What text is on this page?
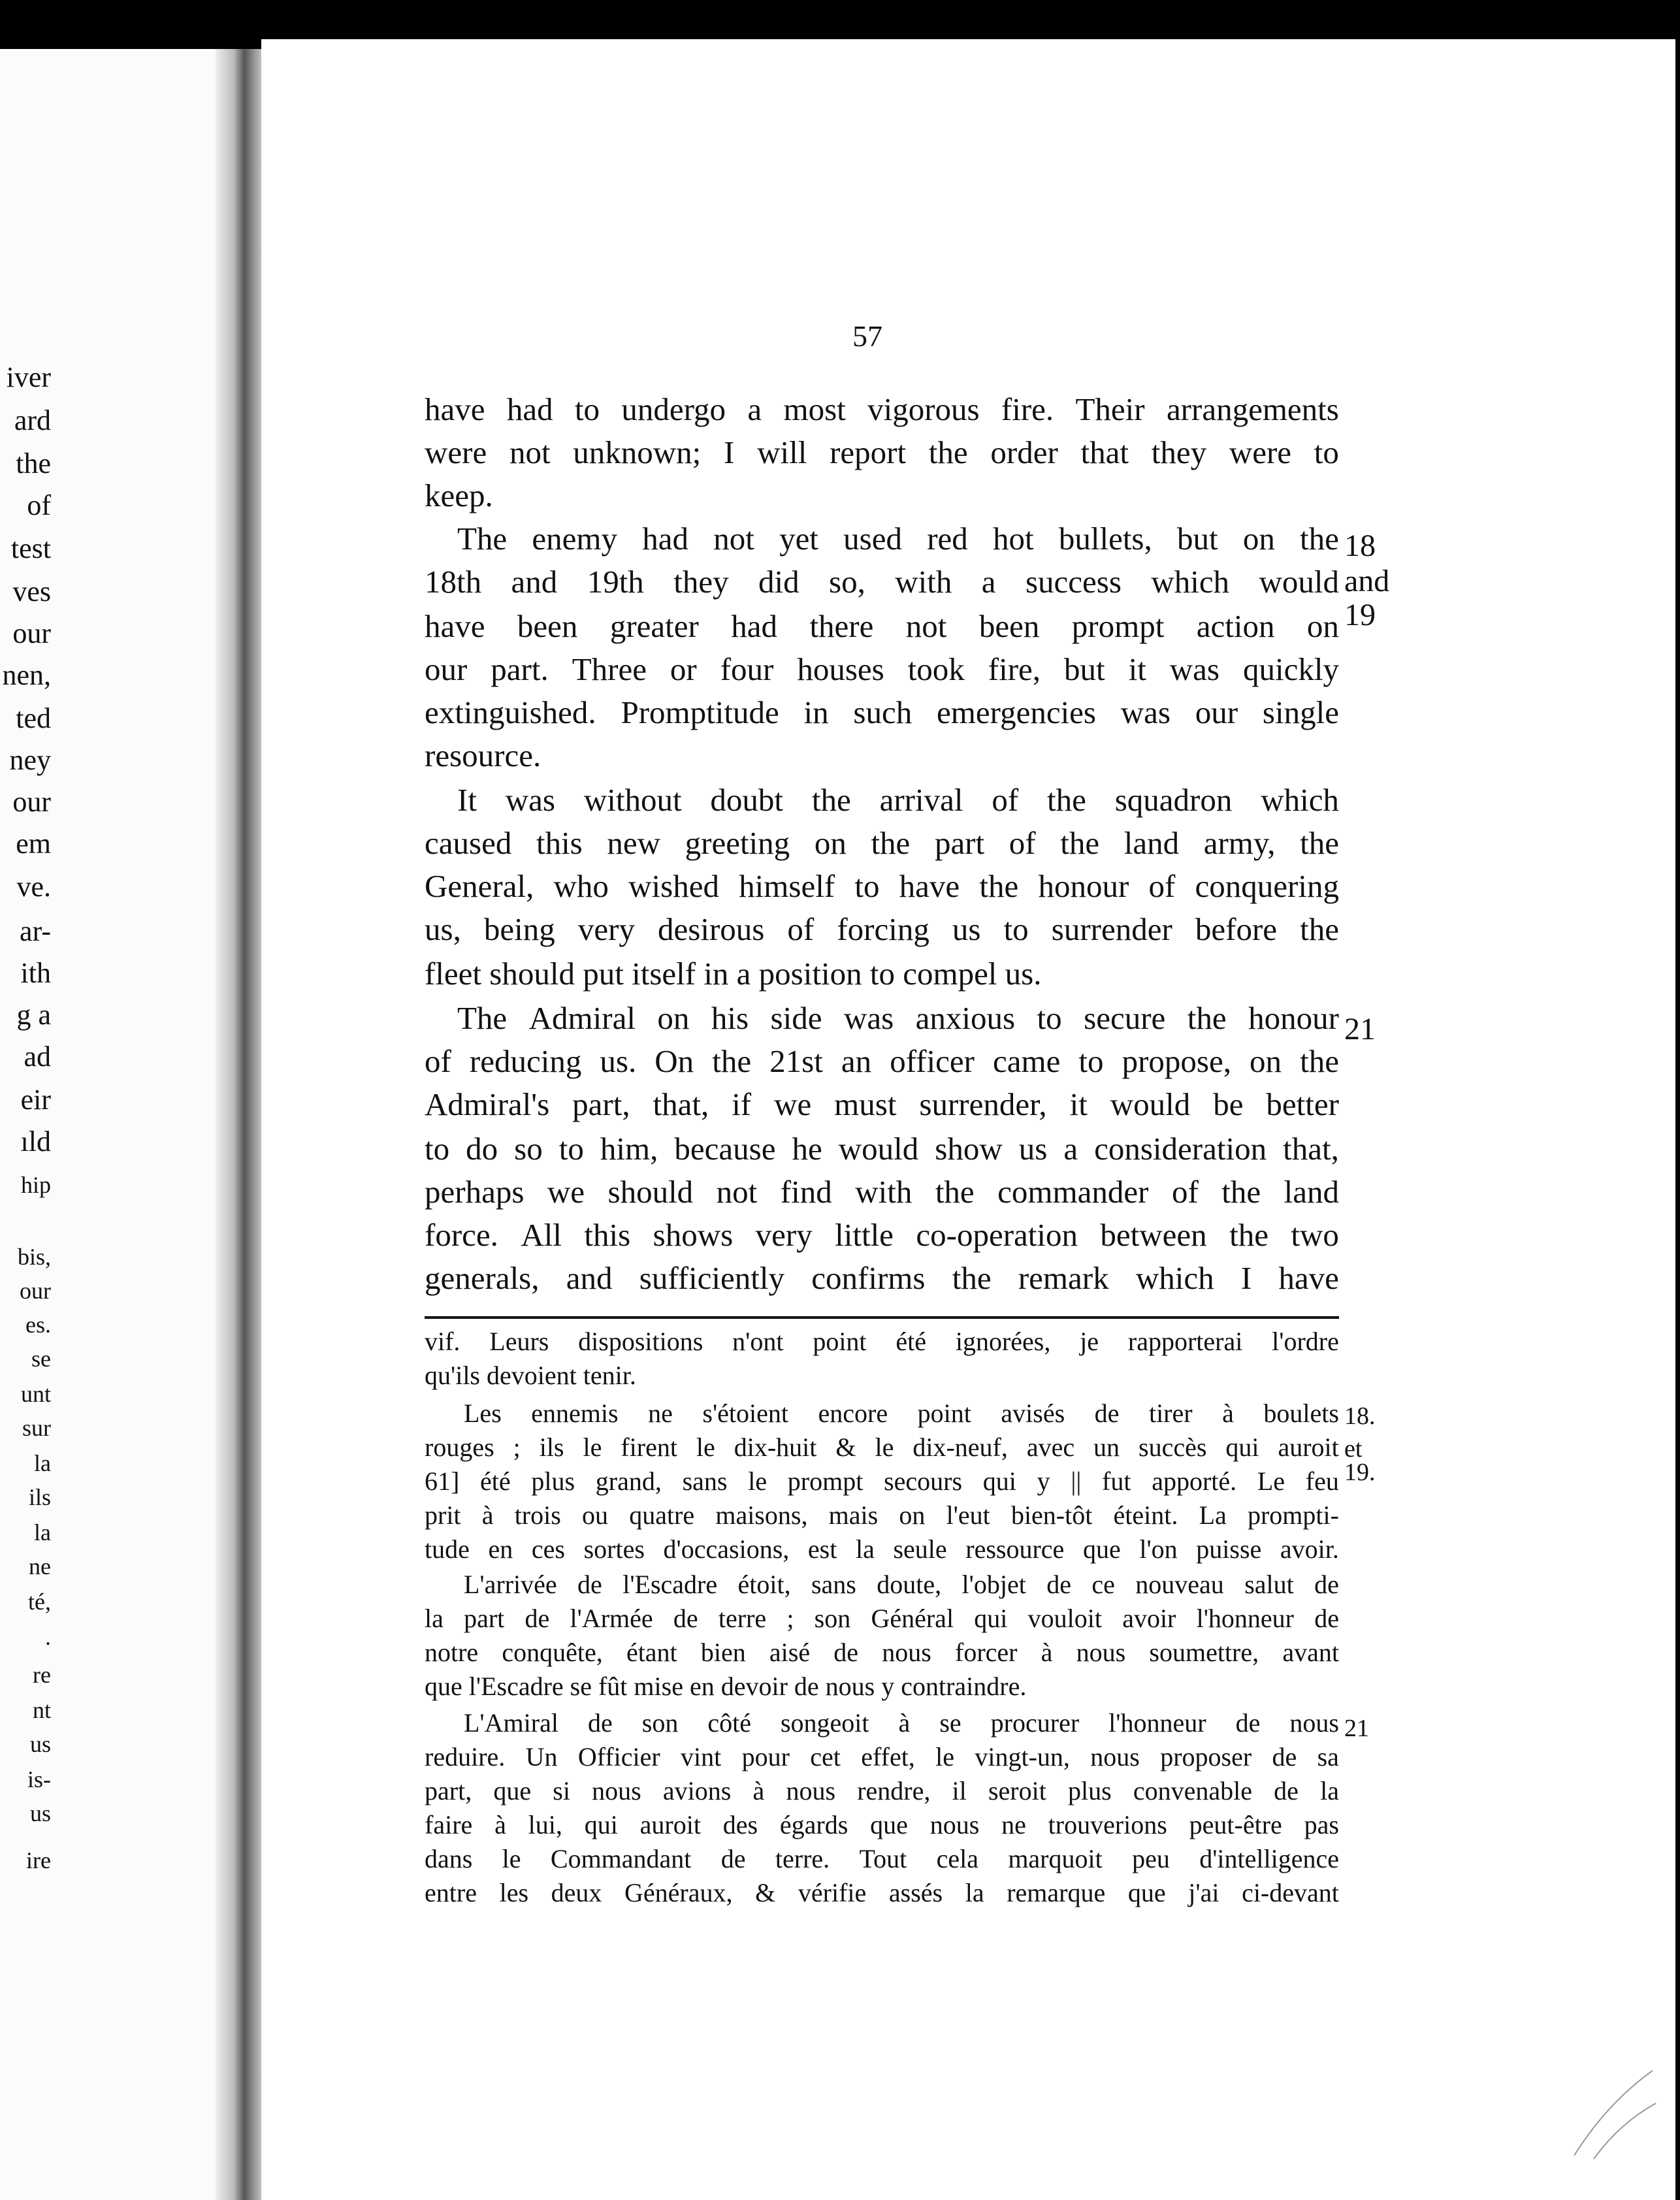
57
iver
ard
the
of
test
ves
our
nen,
ted
ney
our
em
ve.
ar-
ith
g a
ad
eir
ıld
hip
bis,
our
es.
se
unt
sur
la
ils
la
ne
té,
.
re
nt
us
is-
us
ire
have had to undergo a most vigorous fire. Their arrangements
were not unknown; I will report the order that they were to
keep.
The enemy had not yet used red hot bullets, but on the
18th and 19th they did so, with a success which would
have been greater had there not been prompt action on
our part. Three or four houses took fire, but it was quickly
extinguished. Promptitude in such emergencies was our single
resource.
It was without doubt the arrival of the squadron which
caused this new greeting on the part of the land army, the
General, who wished himself to have the honour of conquering
us, being very desirous of forcing us to surrender before the
fleet should put itself in a position to compel us.
The Admiral on his side was anxious to secure the honour
of reducing us. On the 21st an officer came to propose, on the
Admiral's part, that, if we must surrender, it would be better
to do so to him, because he would show us a consideration that,
perhaps we should not find with the commander of the land
force. All this shows very little co-operation between the two
generals, and sufficiently confirms the remark which I have
vif. Leurs dispositions n'ont point été ignorées, je rapporterai l'ordre
qu'ils devoient tenir.
Les ennemis ne s'étoient encore point avisés de tirer à boulets
rouges ; ils le firent le dix-huit & le dix-neuf, avec un succès qui auroit
61] été plus grand, sans le prompt secours qui y || fut apporté. Le feu
prit à trois ou quatre maisons, mais on l'eut bien-tôt éteint. La prompti-
tude en ces sortes d'occasions, est la seule ressource que l'on puisse avoir.
L'arrivée de l'Escadre étoit, sans doute, l'objet de ce nouveau salut de
la part de l'Armée de terre ; son Général qui vouloit avoir l'honneur de
notre conquête, étant bien aisé de nous forcer à nous soumettre, avant
que l'Escadre se fût mise en devoir de nous y contraindre.
L'Amiral de son côté songeoit à se procurer l'honneur de nous
reduire. Un Officier vint pour cet effet, le vingt-un, nous proposer de sa
part, que si nous avions à nous rendre, il seroit plus convenable de la
faire à lui, qui auroit des égards que nous ne trouverions peut-être pas
dans le Commandant de terre. Tout cela marquoit peu d'intelligence
entre les deux Généraux, & vérifie assés la remarque que j'ai ci-devant
18
and
19
21
18.
et
19.
21
